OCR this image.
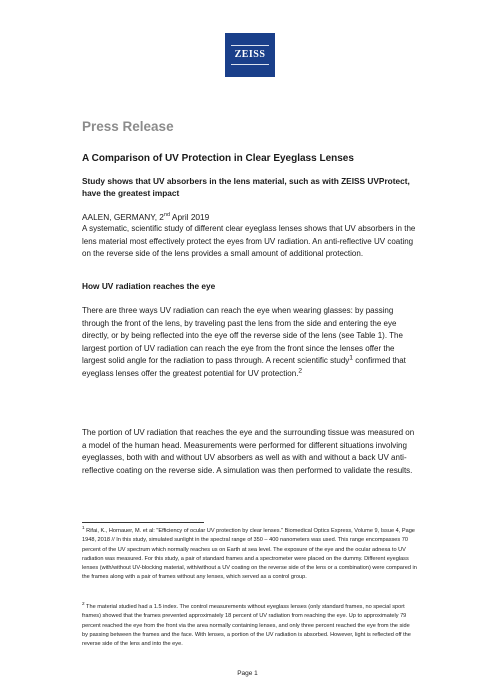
ZEISS
Press Release
A Comparison of UV Protection in Clear Eyeglass Lenses
Study shows that UV absorbers in the lens material, such as with ZEISS UVProtect, have the greatest impact
AALEN, GERMANY, 2nd April 2019

A systematic, scientific study of different clear eyeglass lenses shows that UV absorbers in the lens material most effectively protect the eyes from UV radiation. An anti-reflective UV coating on the reverse side of the lens provides a small amount of additional protection.

How UV radiation reaches the eye

There are three ways UV radiation can reach the eye when wearing glasses: by passing through the front of the lens, by traveling past the lens from the side and entering the eye directly, or by being reflected into the eye off the reverse side of the lens (see Table 1). The largest portion of UV radiation can reach the eye from the front since the lenses offer the largest solid angle for the radiation to pass through. A recent scientific study$^1$ confirmed that eyeglass lenses offer the greatest potential for UV protection.$^2$

The portion of UV radiation that reaches the eye and the surrounding tissue was measured on a model of the human head. Measurements were performed for different situations involving eyeglasses, both with and without UV absorbers as well as with and without a back UV anti-reflective coating on the reverse side. A simulation was then performed to validate the results.

$^1$ Rifai, K., Hornauer, M. et al: "Efficiency of ocular UV protection by clear lenses." Biomedical Optics Express, Volume 9, Issue 4, Page 1948, 2018 // In this study, simulated sunlight in the spectral range of 350 – 400 nanometers was used. This range encompasses 70 percent of the UV spectrum which normally reaches us on Earth at sea level. The exposure of the eye and the ocular adnexa to UV radiation was measured. For this study, a pair of standard frames and a spectrometer were placed on the dummy. Different eyeglass lenses (with/without UV-blocking material, with/without a UV coating on the reverse side of the lens or a combination) were compared in the frames along with a pair of frames without any lenses, which served as a control group.

$^2$ The material studied had a 1.5 index. The control measurements without eyeglass lenses (only standard frames, no special sport frames) showed that the frames prevented approximately 18 percent of UV radiation from reaching the eye. Up to approximately 79 percent reached the eye from the front via the area normally containing lenses, and only three percent reached the eye from the side by passing between the frames and the face. With lenses, a portion of the UV radiation is absorbed. However, light is reflected off the reverse side of the lens and into the eye.

Page 1
